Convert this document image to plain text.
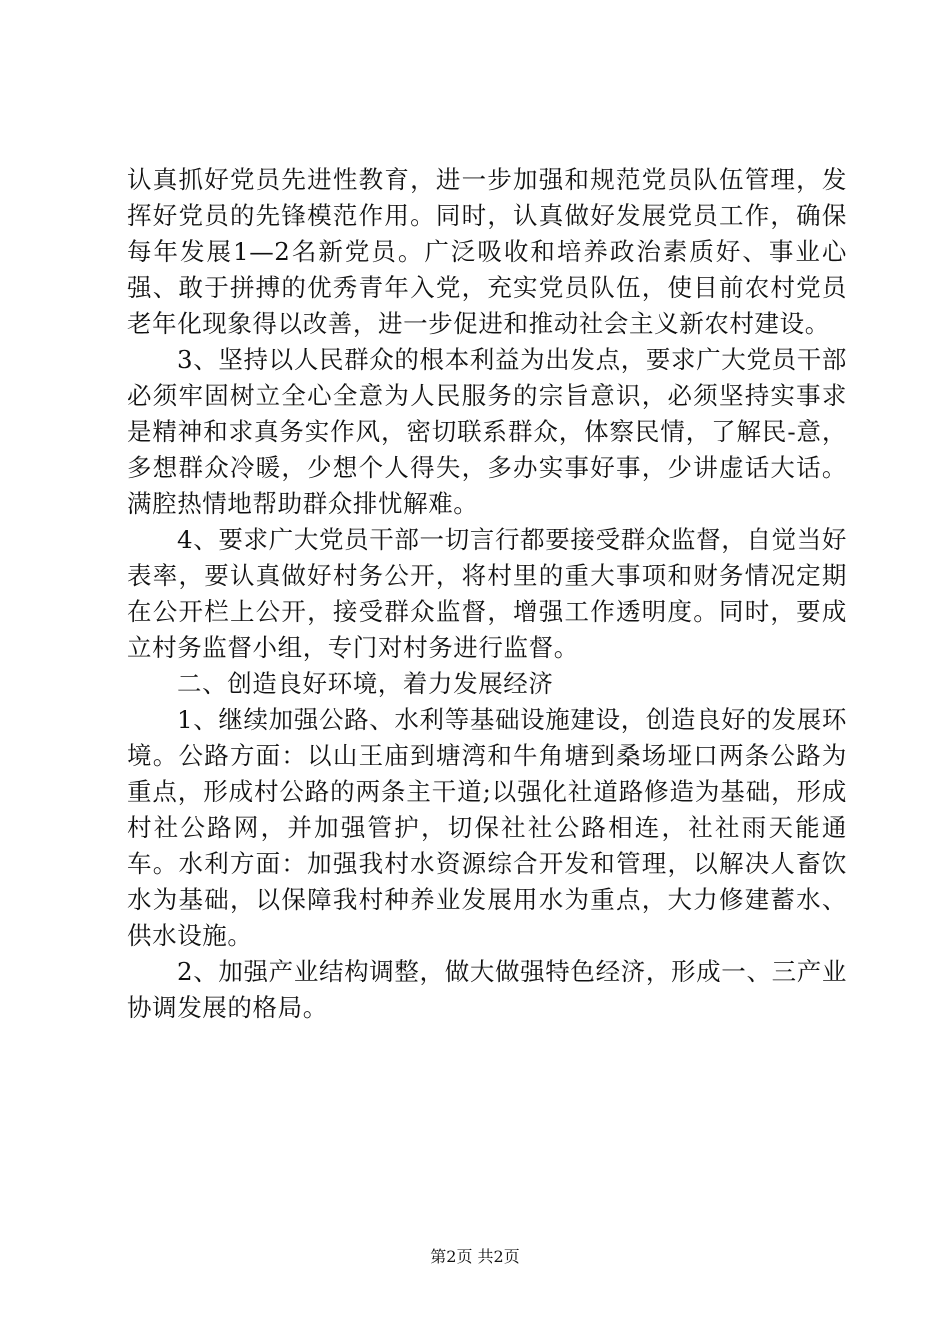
认真抓好党员先进性教育，进一步加强和规范党员队伍管理，发挥好党员的先锋模范作用。同时，认真做好发展党员工作，确保每年发展1—2名新党员。广泛吸收和培养政治素质好、事业心强、敢于拼搏的优秀青年入党，充实党员队伍，使目前农村党员老年化现象得以改善，进一步促进和推动社会主义新农村建设。

3、坚持以人民群众的根本利益为出发点，要求广大党员干部必须牢固树立全心全意为人民服务的宗旨意识，必须坚持实事求是精神和求真务实作风，密切联系群众，体察民情，了解民-意，多想群众冷暖，少想个人得失，多办实事好事，少讲虚话大话。满腔热情地帮助群众排忧解难。

4、要求广大党员干部一切言行都要接受群众监督，自觉当好表率，要认真做好村务公开，将村里的重大事项和财务情况定期在公开栏上公开，接受群众监督，增强工作透明度。同时，要成立村务监督小组，专门对村务进行监督。

二、创造良好环境，着力发展经济

1、继续加强公路、水利等基础设施建设，创造良好的发展环境。公路方面：以山王庙到塘湾和牛角塘到桑场垭口两条公路为重点，形成村公路的两条主干道;以强化社道路修造为基础，形成村社公路网，并加强管护，切保社社公路相连，社社雨天能通车。水利方面：加强我村水资源综合开发和管理，以解决人畜饮水为基础，以保障我村种养业发展用水为重点，大力修建蓄水、供水设施。

2、加强产业结构调整，做大做强特色经济，形成一、三产业协调发展的格局。

第2页 共2页
